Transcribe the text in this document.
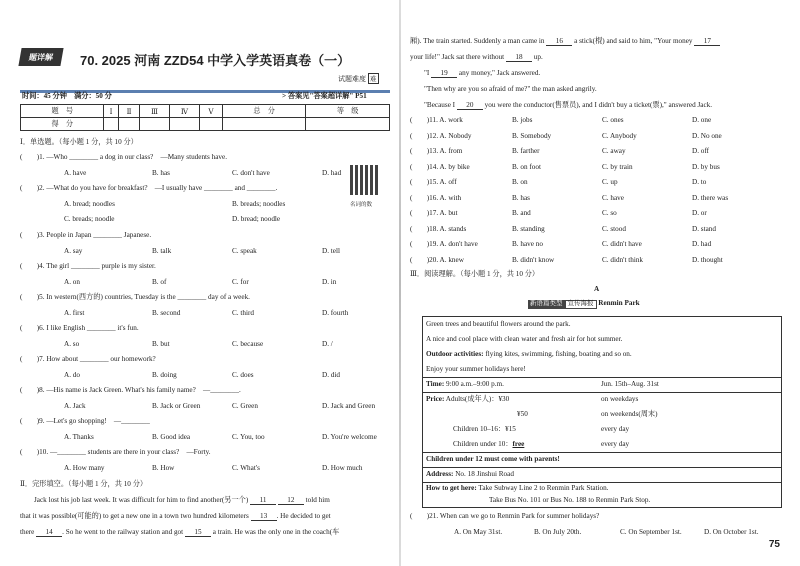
题详解	70. 2025 河南 ZZD54 中学入学英语真卷（一）
试题难度 难
时间：45 分钟　满分：50 分	> 答案见"答案超详解" P51
题　号	Ⅰ	Ⅱ	Ⅲ	Ⅳ	Ⅴ	总　分	等　级
得　分							
Ⅰ．单选题。（每小题 1 分，共 10 分）
名词的数
(　　)1. —Who ________ a dog in our class?　—Many students have.
A. have	B. has	C. don't have	D. had
(　　)2. —What do you have for breakfast?　—I usually have ________ and ________.
A. bread; noodles	B. breads; noodles
C. breads; noodle	D. bread; noodle
(　　)3. People in Japan ________ Japanese.
A. say	B. talk	C. speak	D. tell
(　　)4. The girl ________ purple is my sister.
A. on	B. of	C. for	D. in
(　　)5. In western(西方的) countries, Tuesday is the ________ day of a week.
A. first	B. second	C. third	D. fourth
(　　)6. I like English ________ it's fun.
A. so	B. but	C. because	D. /
(　　)7. How about ________ our homework?
A. do	B. doing	C. does	D. did
(　　)8. —His name is Jack Green. What's his family name?　—________.
A. Jack	B. Jack or Green	C. Green	D. Jack and Green
(　　)9. —Let's go shopping!　—________
A. Thanks	B. Good idea	C. You, too	D. You're welcome
(　　)10. —________ students are there in your class?　—Forty.
A. How many	B. How	C. What's	D. How much
Ⅱ．完形填空。（每小题 1 分，共 10 分）
Jack lost his job last week. It was difficult for him to find another(另一个) 11	12 told him
that it was possible(可能的) to get a new one in a town two hundred kilometers 13 . He decided to get
there 14 . So he went to the railway station and got 15 a train. He was the only one in the coach(车
厢). The train started. Suddenly a man came in 16 a stick(棍) and said to him, "Your money 17
your life!" Jack sat there without 18 up.
"I 19 any money," Jack answered.
"Then why are you so afraid of me?" the man asked angrily.
"Because I 20 you were the conductor(售票员), and I didn't buy a ticket(票)," answered Jack.
(　　)11. A. work	B. jobs	C. ones	D. one
(　　)12. A. Nobody	B. Somebody	C. Anybody	D. No one
(　　)13. A. from	B. farther	C. away	D. off
(　　)14. A. by bike	B. on foot	C. by train	D. by bus
(　　)15. A. off	B. on	C. up	D. to
(　　)16. A. with	B. has	C. have	D. there was
(　　)17. A. but	B. and	C. so	D. or
(　　)18. A. stands	B. standing	C. stood	D. stand
(　　)19. A. don't have	B. have no	C. didn't have	D. had
(　　)20. A. knew	B. didn't know	C. didn't think	D. thought
Ⅲ．阅读理解。（每小题 1 分，共 10 分）
A
新语篇类型 宣传海报 Renmin Park
Green trees and beautiful flowers around the park.
A nice and cool place with clean water and fresh air for hot summer.
Outdoor activities: flying kites, swimming, fishing, boating and so on.
Enjoy your summer holidays here!
Time: 9:00 a.m.–9:00 p.m.	Jun. 15th–Aug. 31st
Price: Adults(成年人)：¥30	on weekdays
¥50	on weekends(周末)
Children 10–16：¥15	every day
Children under 10：free	every day
Children under 12 must come with parents!
Address: No. 18 Jinshui Road
How to get here: Take Subway Line 2 to Renmin Park Station.
Take Bus No. 101 or Bus No. 188 to Renmin Park Stop.
(　　)21. When can we go to Renmin Park for summer holidays?
A. On May 31st.	B. On July 20th.	C. On September 1st.	D. On October 1st.
75
